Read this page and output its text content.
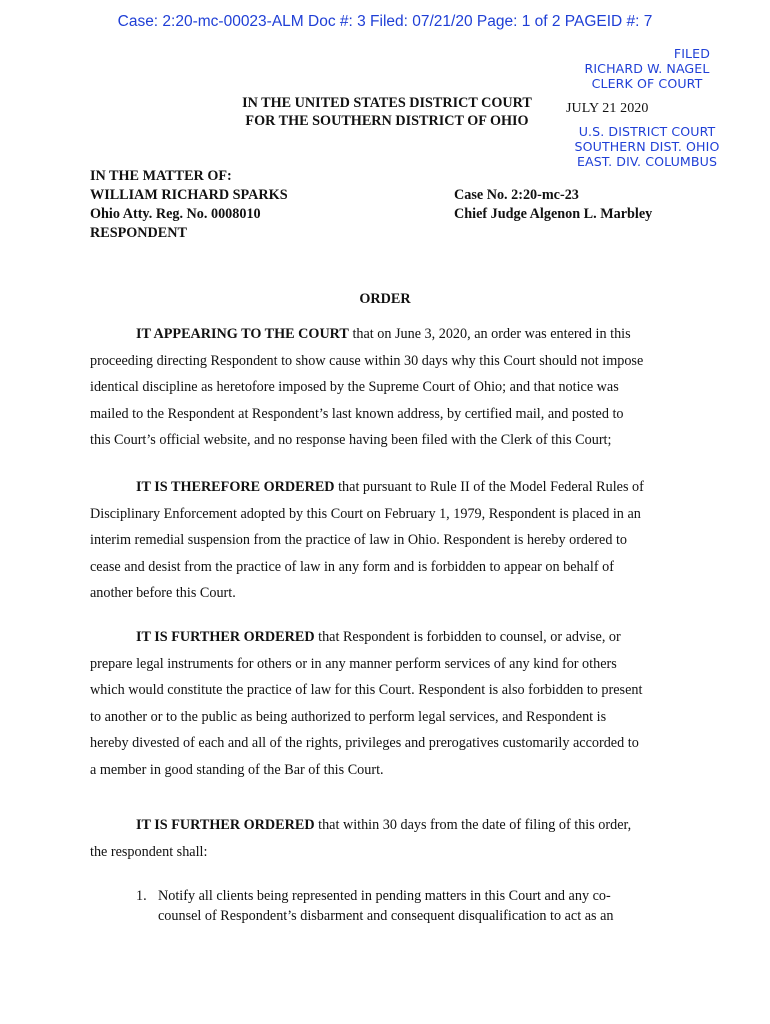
Case: 2:20-mc-00023-ALM Doc #: 3 Filed: 07/21/20 Page: 1 of 2 PAGEID #: 7
FILED
RICHARD W. NAGEL
CLERK OF COURT
JULY 21 2020
U.S. DISTRICT COURT
SOUTHERN DIST. OHIO
EAST. DIV. COLUMBUS
IN THE UNITED STATES DISTRICT COURT
FOR THE SOUTHERN DISTRICT OF OHIO
IN THE MATTER OF:
WILLIAM RICHARD SPARKS
Ohio Atty. Reg. No. 0008010
RESPONDENT
Case No. 2:20-mc-23
Chief Judge Algenon L. Marbley
ORDER
IT APPEARING TO THE COURT that on June 3, 2020, an order was entered in this
proceeding directing Respondent to show cause within 30 days why this Court should not impose
identical discipline as heretofore imposed by the Supreme Court of Ohio; and that notice was
mailed to the Respondent at Respondent’s last known address, by certified mail, and posted to
this Court’s official website, and no response having been filed with the Clerk of this Court;
IT IS THEREFORE ORDERED that pursuant to Rule II of the Model Federal Rules of
Disciplinary Enforcement adopted by this Court on February 1, 1979, Respondent is placed in an
interim remedial suspension from the practice of law in Ohio. Respondent is hereby ordered to
cease and desist from the practice of law in any form and is forbidden to appear on behalf of
another before this Court.
IT IS FURTHER ORDERED that Respondent is forbidden to counsel, or advise, or
prepare legal instruments for others or in any manner perform services of any kind for others
which would constitute the practice of law for this Court. Respondent is also forbidden to present
to another or to the public as being authorized to perform legal services, and Respondent is
hereby divested of each and all of the rights, privileges and prerogatives customarily accorded to
a member in good standing of the Bar of this Court.
IT IS FURTHER ORDERED that within 30 days from the date of filing of this order,
the respondent shall:
1. Notify all clients being represented in pending matters in this Court and any co-
counsel of Respondent’s disbarment and consequent disqualification to act as an
